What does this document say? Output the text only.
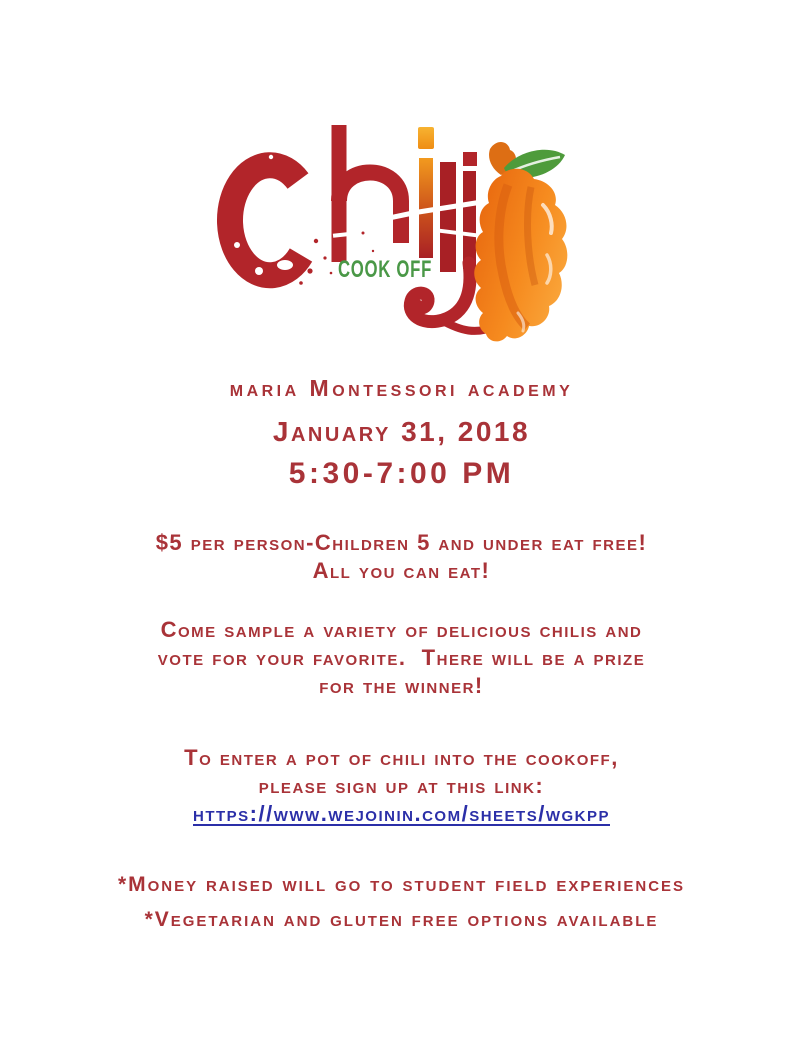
COOK OFF
maria Montessori academy
January 31, 2018
5:30-7:00 PM
$5 per person-Children 5 and under eat free!
All you can eat!
Come sample a variety of delicious chilis and
vote for your favorite.  There will be a prize
for the winner!
To enter a pot of chili into the cookoff,
please sign up at this link:
https://www.wejoinin.com/sheets/wgkpp
*Money raised will go to student field experiences
*Vegetarian and gluten free options available
